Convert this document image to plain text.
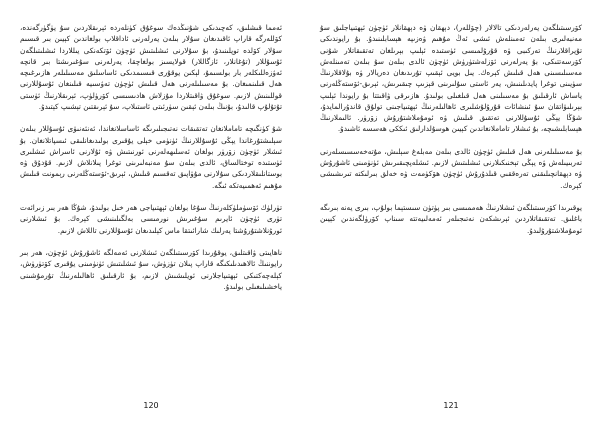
ئەمما قىشلىق، كەچىدىكى شۇنىڭدەك سوغۇق كۈنلەردە ئېرىقلاردىن سۇ يۈگۈرگەندە، كۆللەرگە قاراپ ئاقىدىغان سۇلار بىلەن يەرلەرنى ئاداقلاپ بولغاندىن كېيىن بىر قىسىم سۇلار كۆلدە توپلىنىدۇ، بۇ سۇلارنى ئىشلىتىش ئۈچۈن ئۆتكەنكى يىللاردا ئىشلىتىلگەن ئۇسۇللار (تۇغانلار، ئازگاللار) قولايسىز بولغاچقا، يەرلەرنى سۇغىرىشتا بىر قانچە ئەۋزەللىكلەر بار بولسىمۇ، لېكىن يوقۇرى قىسىمدىكى ئاساسلىق مەسىلىلەر ھازىرغىچە ھەل قىلىنمىغان. بۇ مەسىلىلەرنى ھەل قىلىش ئۈچۈن تەۋسىيە قىلىنغان ئۇسۇللارنى قوللىنىش لازىم. سوغۇق ۋاقىتلاردا مۇزلاش ھادىسىسى كۆرۈلۈپ، ئېرىقلارنىڭ ئۈستى تۇتۇلۇپ قالىدۇ، بۇنىڭ بىلەن ئېقىن سۈرئىتى ئاستىلاپ، سۇ ئېرىقتىن تېشىپ كېتىدۇ.
شۇ كۈنگىچە تاماملانغان تەتقىقات نەتىجىلىرىگە ئاساسلانغاندا، ئەنئەنىۋى ئۇسۇللار بىلەن سېلىشتۇرغاندا يېڭى ئۇسۇللارنىڭ ئۈنۈمى خېلى يۇقىرى بولىدىغانلىقى ئىسپاتلانغان. بۇ ئىشلار ئۈچۈن زۆرۈر بولغان ئەسلىھەلەرنى ئورنىتىش ۋە ئۇلارنى ئاسراش ئىشلىرى ئۈستىدە توختالساق، ئالدى بىلەن سۇ مەنبەلىرىنى توغرا پىلانلاش لازىم. قۇدۇق ۋە بوستانلىقلاردىكى سۇلارنى مۇۋاپىق تەقسىم قىلىش، ئېرىق-ئۆستەڭلەرنى رېمونت قىلىش مۇھىم ئەھمىيەتكە ئىگە.
تۈرلۈك ئۆسۈملۈكلەرنىڭ سۇغا بولغان ئېھتىياجى ھەر خىل بولىدۇ، شۇڭا ھەر بىر زىرائەت تۈرى ئۈچۈن ئايرىم سۇغىرىش نورمىسى بەلگىلىنىشى كېرەك. بۇ ئىشلارنى ئورۇنلاشتۇرۇشتا يەرلىك شارائىتقا ماس كېلىدىغان ئۇسۇللارنى تاللاش لازىم.
ناھايىتى ۋاقىتلىق، يوقۇرىدا كۆرسىتىلگەن ئىشلارنى ئەمەلگە ئاشۇرۇش ئۈچۈن، ھەر بىر رايوننىڭ ئالاھىدىلىكىگە قاراپ پىلان تۈزۈش، سۇ ئىشلىتىش ئۈنۈمىنى يۇقىرى كۆتۈرۈش، كېلەچەكتىكى ئېھتىياجلارنى ئويلىشىش لازىم، بۇ ئارقىلىق ئاھالىلەرنىڭ تۇرمۇشىنى ياخشىلىغىلى بولىدۇ.
120
كۆرسىتىلگەن يەرلەردىكى تالالار (چۆللەر)، دېھقان ۋە دېھقانلار ئۈچۈن ئېھتىياجلىق سۇ مەنبەلىرى بىلەن تەمىنلەش ئىشى ئەڭ مۇھىم ۋەزىپە ھېسابلىنىدۇ. بۇ رايوندىكى تۇپراقلارنىڭ تەركىبى ۋە قۇرۇلمىسى ئۈستىدە ئېلىپ بېرىلغان تەتقىقاتلار شۇنى كۆرسەتتىكى، بۇ يەرلەرنى ئۆزلەشتۈرۈش ئۈچۈن ئالدى بىلەن سۇ بىلەن تەمىنلەش مەسىلىسىنى ھەل قىلىش كېرەك. يىل بويى ئېقىپ تۇرىدىغان دەريالار ۋە بۇلاقلارنىڭ سۈيىنى توغرا پايدىلىنىش، يەر ئاستى سۇلىرىنى قېزىپ چىقىرىش، ئېرىق-ئۆستەڭلەرنى ياساش ئارقىلىق بۇ مەسىلىنى ھەل قىلغىلى بولىدۇ. ھازىرقى ۋاقىتتا بۇ رايوندا ئېلىپ بېرىلىۋاتقان سۇ ئىنشائات قۇرۇلۇشلىرى ئاھالىلەرنىڭ ئېھتىياجىنى تولۇق قاندۇرالمايدۇ، شۇڭا يېڭى ئۇسۇللارنى تەتقىق قىلىش ۋە ئومۇملاشتۇرۇش زۆرۈر. ئالىملارنىڭ ھېسابلىشىچە، بۇ ئىشلار تاماملانغاندىن كېيىن ھوسۇلدارلىق ئىككى ھەسسە ئاشىدۇ.
بۇ مەسىلىلەرنى ھەل قىلىش ئۈچۈن ئالدى بىلەن مەبلەغ سېلىش، مۇتەخەسسىسلەرنى تەربىيىلەش ۋە يېڭى تېخنىكىلارنى ئىشلىتىش لازىم. ئىشلەپچىقىرىش ئۈنۈمىنى ئاشۇرۇش ۋە دېھقانچىلىقنى تەرەققىي قىلدۇرۇش ئۈچۈن ھۆكۈمەت ۋە خەلق بىرلىكتە تىرىشىشى كېرەك.
يوقىرىدا كۆرسىتىلگەن ئىشلارنىڭ ھەممىسى بىر پۈتۈن سىستېما بولۇپ، بىرى يەنە بىرىگە باغلىق. تەتقىقاتلاردىن ئېرىشكەن نەتىجىلەر ئەمەلىيەتتە سىناپ كۆرۈلگەندىن كېيىن ئومۇملاشتۇرۇلىدۇ.
121
